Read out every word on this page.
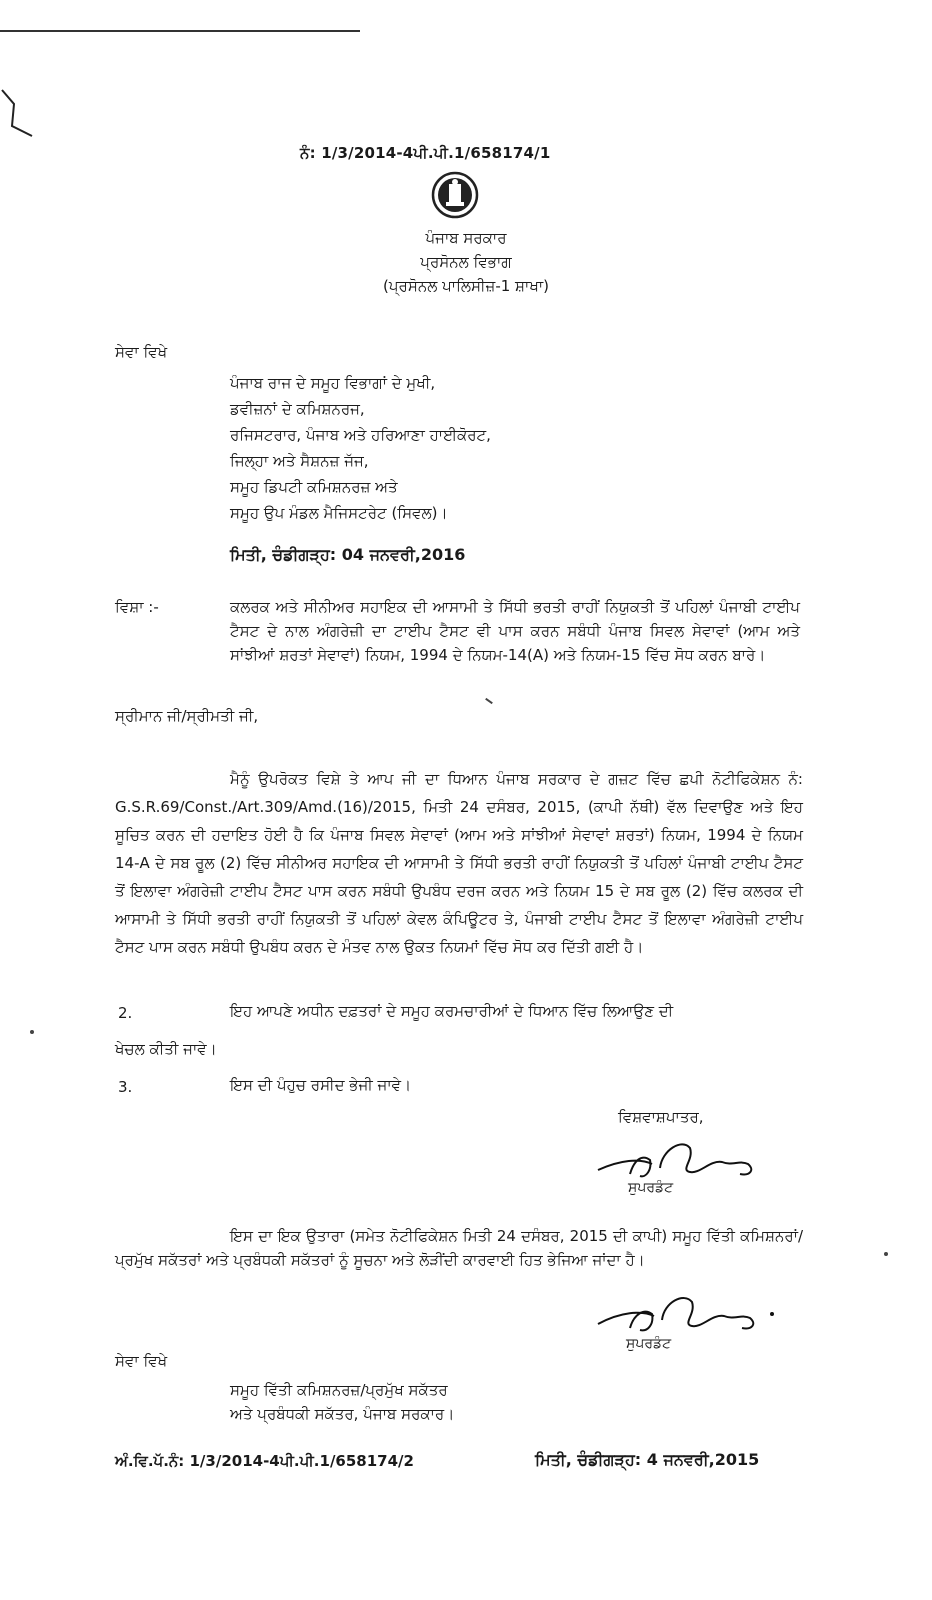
ਨੰ: 1/3/2014-4ਪੀ.ਪੀ.1/658174/1
ਪੰਜਾਬ ਸਰਕਾਰ
ਪ੍ਰਸੋਨਲ ਵਿਭਾਗ
(ਪ੍ਰਸੋਨਲ ਪਾਲਿਸੀਜ਼-1 ਸ਼ਾਖਾ)
ਸੇਵਾ ਵਿਖੇ
ਪੰਜਾਬ ਰਾਜ ਦੇ ਸਮੂਹ ਵਿਭਾਗਾਂ ਦੇ ਮੁਖੀ,
ਡਵੀਜ਼ਨਾਂ ਦੇ ਕਮਿਸ਼ਨਰਜ,
ਰਜਿਸਟਰਾਰ, ਪੰਜਾਬ ਅਤੇ ਹਰਿਆਣਾ ਹਾਈਕੋਰਟ,
ਜਿਲ੍ਹਾ ਅਤੇ ਸੈਸ਼ਨਜ਼ ਜੱਜ,
ਸਮੂਹ ਡਿਪਟੀ ਕਮਿਸ਼ਨਰਜ਼ ਅਤੇ
ਸਮੂਹ ਉਪ ਮੰਡਲ ਮੈਜਿਸਟਰੇਟ (ਸਿਵਲ)।
ਮਿਤੀ, ਚੰਡੀਗੜ੍ਹ: 04 ਜਨਵਰੀ,2016
ਵਿਸ਼ਾ :-	ਕਲਰਕ ਅਤੇ ਸੀਨੀਅਰ ਸਹਾਇਕ ਦੀ ਆਸਾਮੀ ਤੇ ਸਿੱਧੀ ਭਰਤੀ ਰਾਹੀਂ ਨਿਯੁਕਤੀ ਤੋਂ ਪਹਿਲਾਂ ਪੰਜਾਬੀ ਟਾਈਪ ਟੈਸਟ ਦੇ ਨਾਲ ਅੰਗਰੇਜ਼ੀ ਦਾ ਟਾਈਪ ਟੈਸਟ ਵੀ ਪਾਸ ਕਰਨ ਸਬੰਧੀ ਪੰਜਾਬ ਸਿਵਲ ਸੇਵਾਵਾਂ (ਆਮ ਅਤੇ ਸਾਂਝੀਆਂ ਸ਼ਰਤਾਂ ਸੇਵਾਵਾਂ) ਨਿਯਮ, 1994 ਦੇ ਨਿਯਮ-14(A) ਅਤੇ ਨਿਯਮ-15 ਵਿੱਚ ਸੋਧ ਕਰਨ ਬਾਰੇ।
ਸ੍ਰੀਮਾਨ ਜੀ/ਸ੍ਰੀਮਤੀ ਜੀ,
ਮੈਨੂੰ ਉਪਰੋਕਤ ਵਿਸ਼ੇ ਤੇ ਆਪ ਜੀ ਦਾ ਧਿਆਨ ਪੰਜਾਬ ਸਰਕਾਰ ਦੇ ਗਜ਼ਟ ਵਿੱਚ ਛਪੀ ਨੋਟੀਫਿਕੇਸ਼ਨ ਨੰ: G.S.R.69/Const./Art.309/Amd.(16)/2015, ਮਿਤੀ 24 ਦਸੰਬਰ, 2015, (ਕਾਪੀ ਨੱਥੀ) ਵੱਲ ਦਿਵਾਉਣ ਅਤੇ ਇਹ ਸੂਚਿਤ ਕਰਨ ਦੀ ਹਦਾਇਤ ਹੋਈ ਹੈ ਕਿ ਪੰਜਾਬ ਸਿਵਲ ਸੇਵਾਵਾਂ (ਆਮ ਅਤੇ ਸਾਂਝੀਆਂ ਸੇਵਾਵਾਂ ਸ਼ਰਤਾਂ) ਨਿਯਮ, 1994 ਦੇ ਨਿਯਮ 14-A ਦੇ ਸਬ ਰੂਲ (2) ਵਿੱਚ ਸੀਨੀਅਰ ਸਹਾਇਕ ਦੀ ਆਸਾਮੀ ਤੇ ਸਿੱਧੀ ਭਰਤੀ ਰਾਹੀਂ ਨਿਯੁਕਤੀ ਤੋਂ ਪਹਿਲਾਂ ਪੰਜਾਬੀ ਟਾਈਪ ਟੈਸਟ ਤੋਂ ਇਲਾਵਾ ਅੰਗਰੇਜ਼ੀ ਟਾਈਪ ਟੈਸਟ ਪਾਸ ਕਰਨ ਸਬੰਧੀ ਉਪਬੰਧ ਦਰਜ ਕਰਨ ਅਤੇ ਨਿਯਮ 15 ਦੇ ਸਬ ਰੂਲ (2) ਵਿੱਚ ਕਲਰਕ ਦੀ ਆਸਾਮੀ ਤੇ ਸਿੱਧੀ ਭਰਤੀ ਰਾਹੀਂ ਨਿਯੁਕਤੀ ਤੋਂ ਪਹਿਲਾਂ ਕੇਵਲ ਕੰਪਿਊਟਰ ਤੇ, ਪੰਜਾਬੀ ਟਾਈਪ ਟੈਸਟ ਤੋਂ ਇਲਾਵਾ ਅੰਗਰੇਜ਼ੀ ਟਾਈਪ ਟੈਸਟ ਪਾਸ ਕਰਨ ਸਬੰਧੀ ਉਪਬੰਧ ਕਰਨ ਦੇ ਮੰਤਵ ਨਾਲ ਉਕਤ ਨਿਯਮਾਂ ਵਿੱਚ ਸੋਧ ਕਰ ਦਿੱਤੀ ਗਈ ਹੈ।
2.	ਇਹ ਆਪਣੇ ਅਧੀਨ ਦਫ਼ਤਰਾਂ ਦੇ ਸਮੂਹ ਕਰਮਚਾਰੀਆਂ ਦੇ ਧਿਆਨ ਵਿੱਚ ਲਿਆਉਣ ਦੀ
ਖੇਚਲ ਕੀਤੀ ਜਾਵੇ।
3.	ਇਸ ਦੀ ਪੰਹੁਚ ਰਸੀਦ ਭੇਜੀ ਜਾਵੇ।
ਵਿਸ਼ਵਾਸ਼ਪਾਤਰ,
ਸੁਪਰਡੰਟ
ਇਸ ਦਾ ਇਕ ਉਤਾਰਾ (ਸਮੇਤ ਨੋਟੀਫਿਕੇਸ਼ਨ ਮਿਤੀ 24 ਦਸੰਬਰ, 2015 ਦੀ ਕਾਪੀ) ਸਮੂਹ ਵਿੱਤੀ ਕਮਿਸ਼ਨਰਾਂ/ਪ੍ਰਮੁੱਖ ਸਕੱਤਰਾਂ ਅਤੇ ਪ੍ਰਬੰਧਕੀ ਸਕੱਤਰਾਂ ਨੂੰ ਸੂਚਨਾ ਅਤੇ ਲੋੜੀਂਦੀ ਕਾਰਵਾਈ ਹਿਤ ਭੇਜਿਆ ਜਾਂਦਾ ਹੈ।
ਸੁਪਰਡੰਟ
ਸੇਵਾ ਵਿਖੇ
ਸਮੂਹ ਵਿੱਤੀ ਕਮਿਸ਼ਨਰਜ਼/ਪ੍ਰਮੁੱਖ ਸਕੱਤਰ
ਅਤੇ ਪ੍ਰਬੰਧਕੀ ਸਕੱਤਰ, ਪੰਜਾਬ ਸਰਕਾਰ।
ਅੰ.ਵਿ.ਪੱ.ਨੰ: 1/3/2014-4ਪੀ.ਪੀ.1/658174/2	ਮਿਤੀ, ਚੰਡੀਗੜ੍ਹ: 4 ਜਨਵਰੀ,2015
